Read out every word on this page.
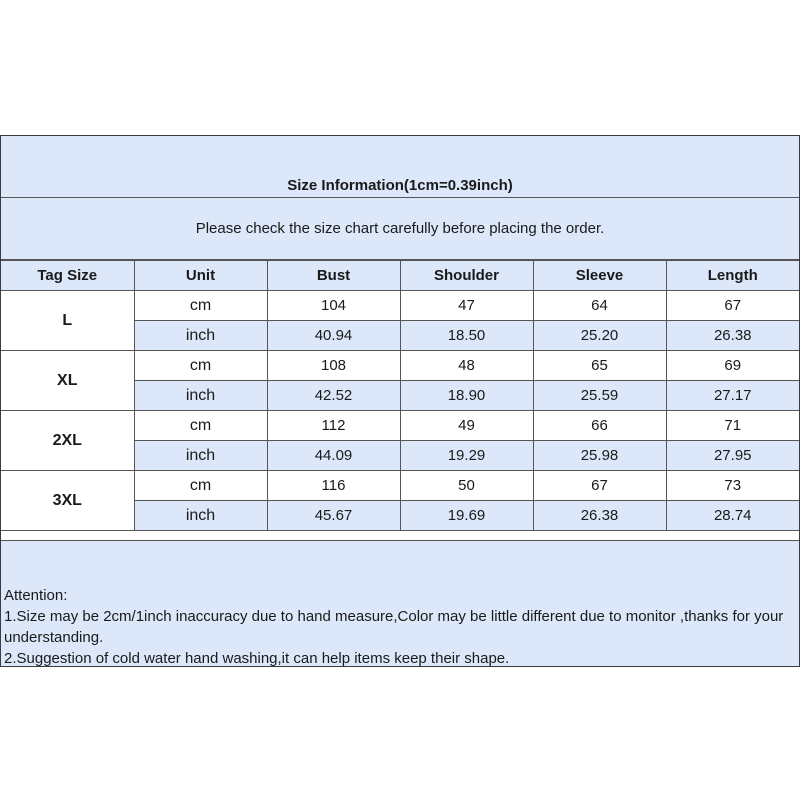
Size Information(1cm=0.39inch)
Please check the size chart carefully before placing the order.
Tag Size	Unit	Bust	Shoulder	Sleeve	Length
L	cm	104	47	64	67
	inch	40.94	18.50	25.20	26.38
XL	cm	108	48	65	69
	inch	42.52	18.90	25.59	27.17
2XL	cm	112	49	66	71
	inch	44.09	19.29	25.98	27.95
3XL	cm	116	50	67	73
	inch	45.67	19.69	26.38	28.74

Attention:

1.Size may be 2cm/1inch inaccuracy due to hand measure,Color may be little different due to monitor ,thanks for your understanding.

2.Suggestion of cold water hand washing,it can help items keep their shape.
